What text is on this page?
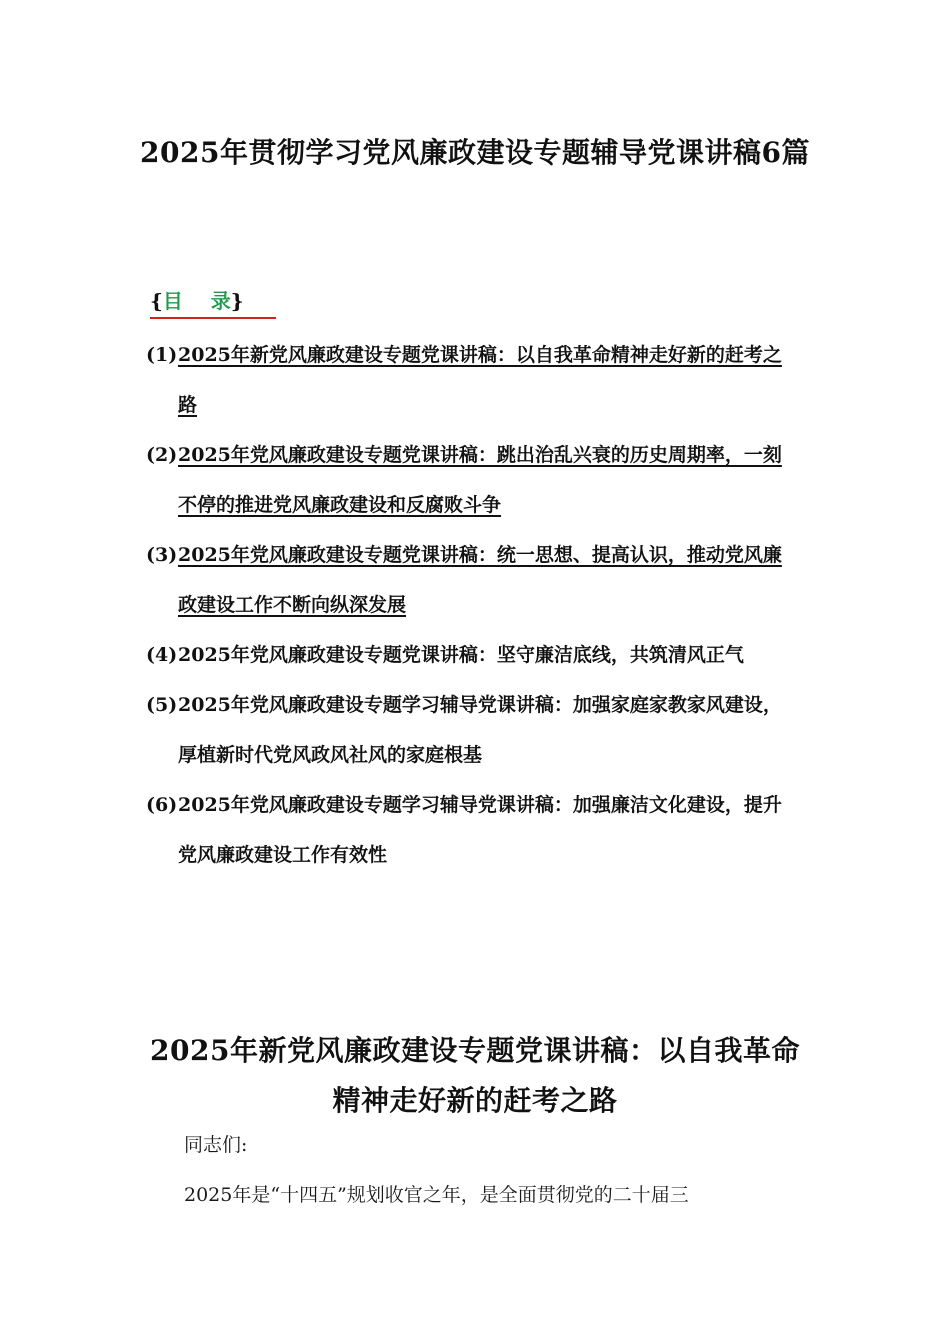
2025年贯彻学习党风廉政建设专题辅导党课讲稿6篇
{目    录}

(1) 2025年新党风廉政建设专题党课讲稿：以自我革命精神走好新的赶考之路

(2) 2025年党风廉政建设专题党课讲稿：跳出治乱兴衰的历史周期率，一刻不停的推进党风廉政建设和反腐败斗争

(3) 2025年党风廉政建设专题党课讲稿：统一思想、提高认识，推动党风廉政建设工作不断向纵深发展

(4) 2025年党风廉政建设专题党课讲稿：坚守廉洁底线，共筑清风正气

(5) 2025年党风廉政建设专题学习辅导党课讲稿：加强家庭家教家风建设，厚植新时代党风政风社风的家庭根基

(6) 2025年党风廉政建设专题学习辅导党课讲稿：加强廉洁文化建设，提升党风廉政建设工作有效性

2025年新党风廉政建设专题党课讲稿：以自我革命精神走好新的赶考之路
同志们:
2025年是“十四五”规划收官之年，是全面贯彻党的二十届三
